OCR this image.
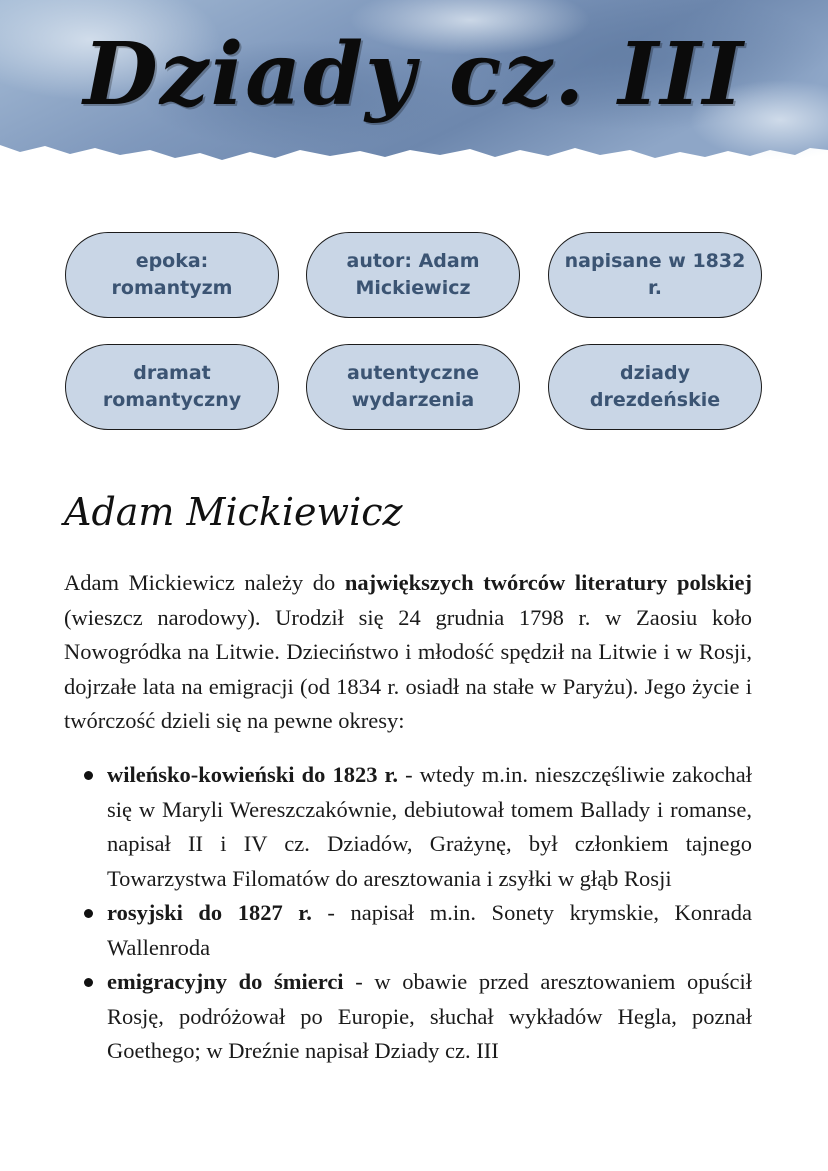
Dziady cz. III
epoka: romantyzm
autor: Adam Mickiewicz
napisane w 1832 r.
dramat romantyczny
autentyczne wydarzenia
dziady drezdeńskie
Adam Mickiewicz

Adam Mickiewicz należy do największych twórców literatury polskiej (wieszcz narodowy). Urodził się 24 grudnia 1798 r. w Zaosiu koło Nowogródka na Litwie. Dzieciństwo i młodość spędził na Litwie i w Rosji, dojrzałe lata na emigracji (od 1834 r. osiadł na stałe w Paryżu). Jego życie i twórczość dzieli się na pewne okresy:

wileńsko-kowieński do 1823 r. - wtedy m.in. nieszczęśliwie zakochał się w Maryli Wereszczakównie, debiutował tomem Ballady i romanse, napisał II i IV cz. Dziadów, Grażynę, był członkiem tajnego Towarzystwa Filomatów do aresztowania i zsyłki w głąb Rosji
rosyjski do 1827 r. - napisał m.in. Sonety krymskie, Konrada Wallenroda
emigracyjny do śmierci - w obawie przed aresztowaniem opuścił Rosję, podróżował po Europie, słuchał wykładów Hegla, poznał Goethego; w Dreźnie napisał Dziady cz. III
